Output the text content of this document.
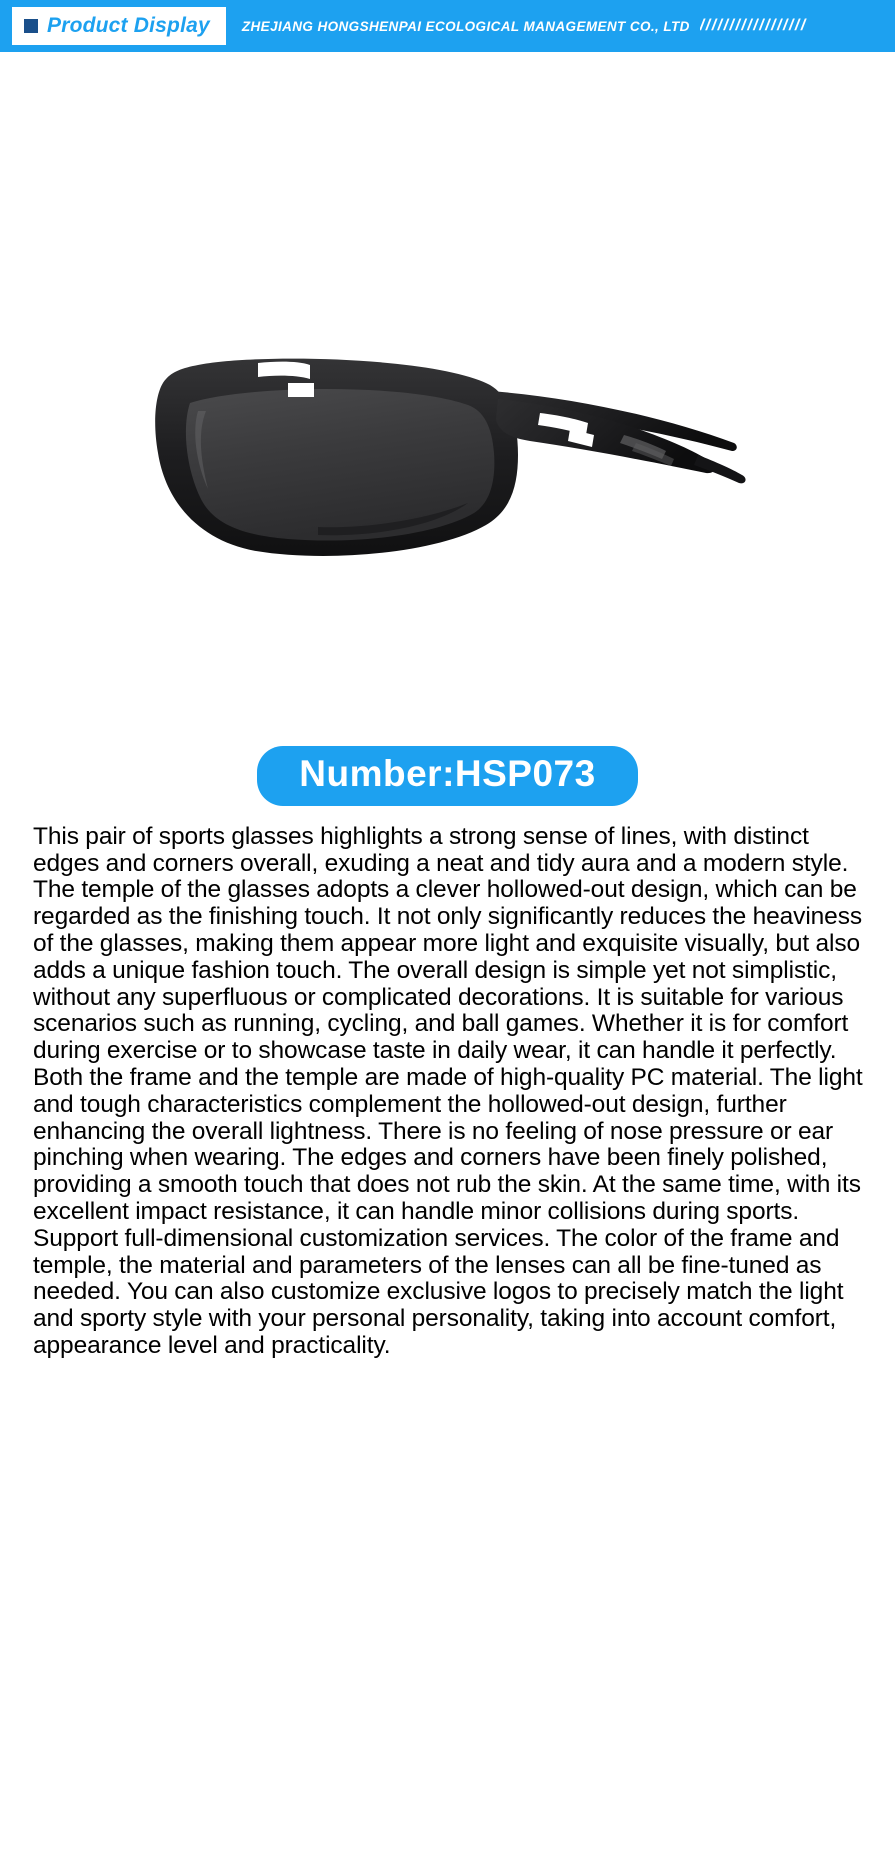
Product Display ZHEJIANG HONGSHENPAI ECOLOGICAL MANAGEMENT CO., LTD //////////////////
Number:HSP073

This pair of sports glasses highlights a strong sense of lines, with distinct edges and corners overall, exuding a neat and tidy aura and a modern style. The temple of the glasses adopts a clever hollowed-out design, which can be regarded as the finishing touch. It not only significantly reduces the heaviness of the glasses, making them appear more light and exquisite visually, but also adds a unique fashion touch. The overall design is simple yet not simplistic, without any superfluous or complicated decorations. It is suitable for various scenarios such as running, cycling, and ball games. Whether it is for comfort during exercise or to showcase taste in daily wear, it can handle it perfectly.

Both the frame and the temple are made of high-quality PC material. The light and tough characteristics complement the hollowed-out design, further enhancing the overall lightness. There is no feeling of nose pressure or ear pinching when wearing. The edges and corners have been finely polished, providing a smooth touch that does not rub the skin. At the same time, with its excellent impact resistance, it can handle minor collisions during sports. Support full-dimensional customization services. The color of the frame and temple, the material and parameters of the lenses can all be fine-tuned as needed. You can also customize exclusive logos to precisely match the light and sporty style with your personal personality, taking into account comfort, appearance level and practicality.
